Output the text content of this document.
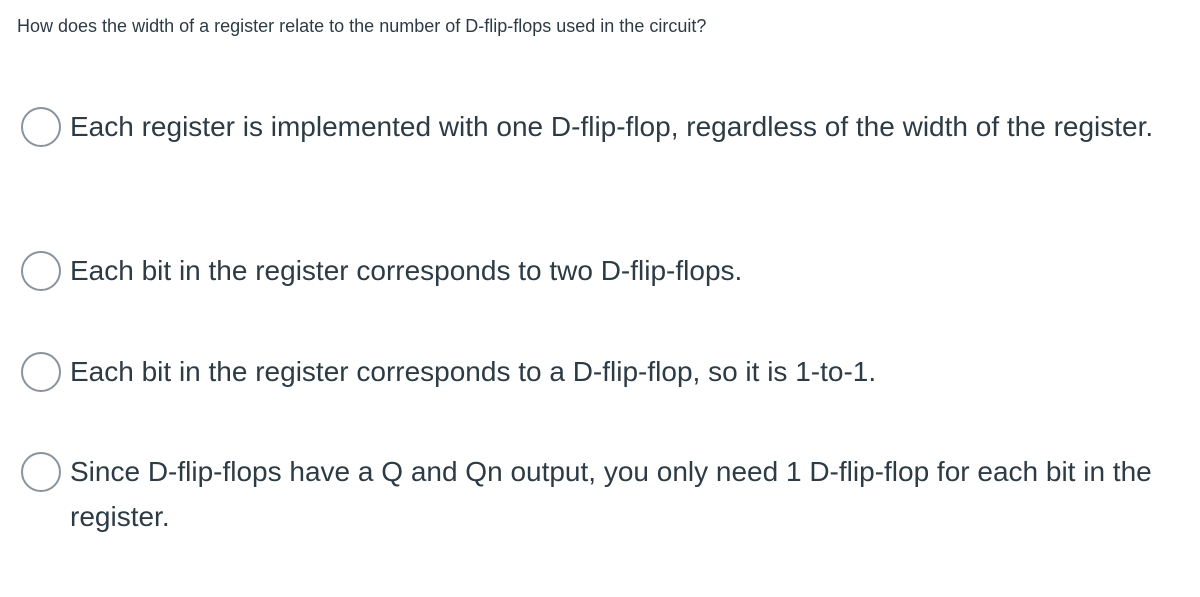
How does the width of a register relate to the number of D-flip-flops used in the circuit?
Each register is implemented with one D-flip-flop, regardless of the width of the register.
Each bit in the register corresponds to two D-flip-flops.
Each bit in the register corresponds to a D-flip-flop, so it is 1-to-1.
Since D-flip-flops have a Q and Qn output, you only need 1 D-flip-flop for each bit in the register.
